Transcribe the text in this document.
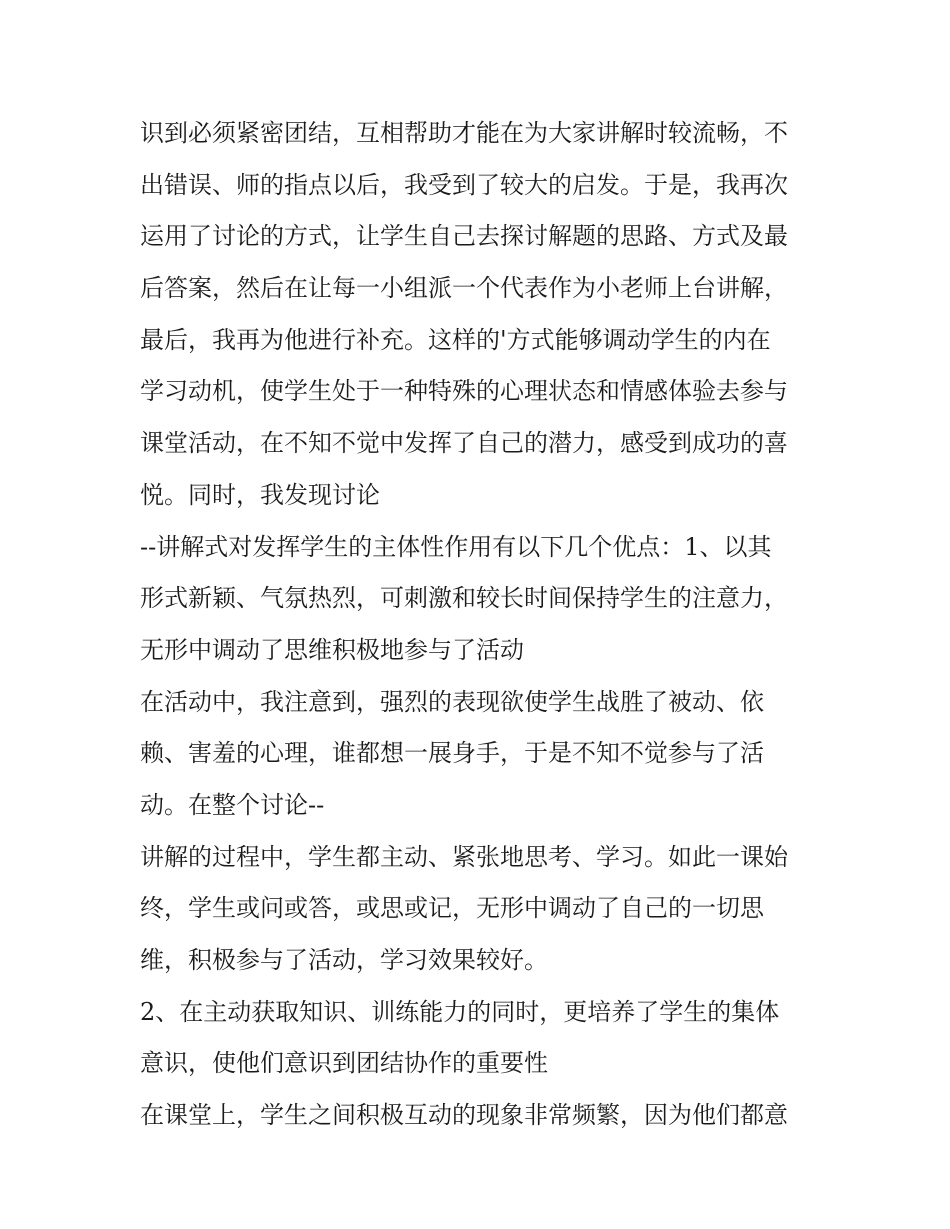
识到必须紧密团结，互相帮助才能在为大家讲解时较流畅，不
出错误、师的指点以后，我受到了较大的启发。于是，我再次
运用了讨论的方式，让学生自己去探讨解题的思路、方式及最
后答案，然后在让每一小组派一个代表作为小老师上台讲解，
最后，我再为他进行补充。这样的'方式能够调动学生的内在
学习动机，使学生处于一种特殊的心理状态和情感体验去参与
课堂活动，在不知不觉中发挥了自己的潜力，感受到成功的喜
悦。同时，我发现讨论
--讲解式对发挥学生的主体性作用有以下几个优点：1、以其
形式新颖、气氛热烈，可刺激和较长时间保持学生的注意力，
无形中调动了思维积极地参与了活动
在活动中，我注意到，强烈的表现欲使学生战胜了被动、依
赖、害羞的心理，谁都想一展身手，于是不知不觉参与了活
动。在整个讨论--
讲解的过程中，学生都主动、紧张地思考、学习。如此一课始
终，学生或问或答，或思或记，无形中调动了自己的一切思
维，积极参与了活动，学习效果较好。
2、在主动获取知识、训练能力的同时，更培养了学生的集体
意识，使他们意识到团结协作的重要性
在课堂上，学生之间积极互动的现象非常频繁，因为他们都意
